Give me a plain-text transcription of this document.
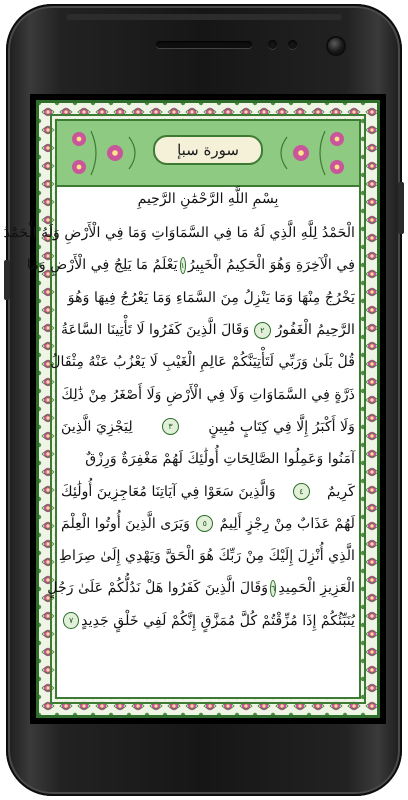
سورة سبإ
بِسْمِ اللَّهِ الرَّحْمَٰنِ الرَّحِيمِ
الْحَمْدُ لِلَّهِ الَّذِي لَهُ مَا فِي السَّمَاوَاتِ وَمَا فِي الْأَرْضِ وَلَهُ الْحَمْدُ
فِي الْآخِرَةِ وَهُوَ الْحَكِيمُ الْخَبِيرُ
١
يَعْلَمُ مَا يَلِجُ فِي الْأَرْضِ وَمَا
يَخْرُجُ مِنْهَا وَمَا يَنْزِلُ مِنَ السَّمَاءِ وَمَا يَعْرُجُ فِيهَا وَهُوَ
الرَّحِيمُ الْغَفُورُ
٢
وَقَالَ الَّذِينَ كَفَرُوا لَا تَأْتِينَا السَّاعَةُ
قُلْ بَلَىٰ وَرَبِّي لَتَأْتِيَنَّكُمْ عَالِمِ الْغَيْبِ لَا يَعْزُبُ عَنْهُ مِثْقَالُ
ذَرَّةٍ فِي السَّمَاوَاتِ وَلَا فِي الْأَرْضِ وَلَا أَصْغَرُ مِنْ ذَٰلِكَ
وَلَا أَكْبَرُ إِلَّا فِي كِتَابٍ مُبِينٍ
٣
لِيَجْزِيَ الَّذِينَ
آمَنُوا وَعَمِلُوا الصَّالِحَاتِ أُولَٰئِكَ لَهُمْ مَغْفِرَةٌ وَرِزْقٌ
كَرِيمٌ
٤
وَالَّذِينَ سَعَوْا فِي آيَاتِنَا مُعَاجِزِينَ أُولَٰئِكَ
لَهُمْ عَذَابٌ مِنْ رِجْزٍ أَلِيمٌ
٥
وَيَرَى الَّذِينَ أُوتُوا الْعِلْمَ
الَّذِي أُنْزِلَ إِلَيْكَ مِنْ رَبِّكَ هُوَ الْحَقَّ وَيَهْدِي إِلَىٰ صِرَاطِ
الْعَزِيزِ الْحَمِيدِ
٦
وَقَالَ الَّذِينَ كَفَرُوا هَلْ نَدُلُّكُمْ عَلَىٰ رَجُلٍ
يُنَبِّئُكُمْ إِذَا مُزِّقْتُمْ كُلَّ مُمَزَّقٍ إِنَّكُمْ لَفِي خَلْقٍ جَدِيدٍ
٧
